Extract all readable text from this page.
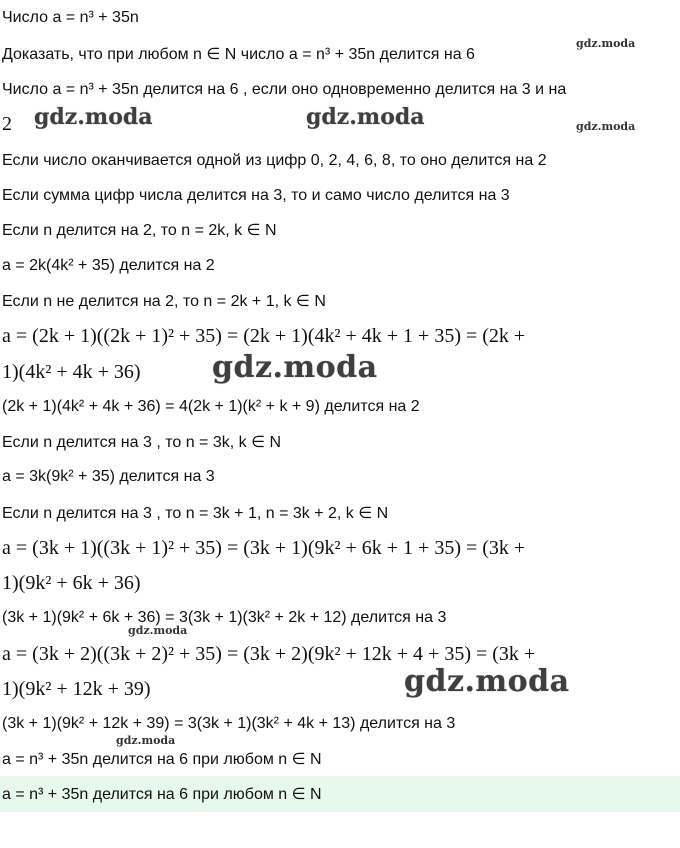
Число a = n³ + 35n
Доказать, что при любом n ∈ N число a = n³ + 35n делится на 6
Число a = n³ + 35n делится на 6 , если оно одновременно делится на 3 и на
2
Если число оканчивается одной из цифр 0, 2, 4, 6, 8, то оно делится на 2
Если сумма цифр числа делится на 3, то и само число делится на 3
Если n делится на 2, то n = 2k, k ∈ N
a = 2k(4k² + 35) делится на 2
Если n не делится на 2, то n = 2k + 1, k ∈ N
a = (2k + 1)((2k + 1)² + 35) = (2k + 1)(4k² + 4k + 1 + 35) = (2k +
1)(4k² + 4k + 36)
(2k + 1)(4k² + 4k + 36) = 4(2k + 1)(k² + k + 9) делится на 2
Если n делится на 3 , то n = 3k, k ∈ N
a = 3k(9k² + 35) делится на 3
Если n делится на 3 , то n = 3k + 1, n = 3k + 2, k ∈ N
a = (3k + 1)((3k + 1)² + 35) = (3k + 1)(9k² + 6k + 1 + 35) = (3k +
1)(9k² + 6k + 36)
(3k + 1)(9k² + 6k + 36) = 3(3k + 1)(3k² + 2k + 12) делится на 3
a = (3k + 2)((3k + 2)² + 35) = (3k + 2)(9k² + 12k + 4 + 35) = (3k +
1)(9k² + 12k + 39)
(3k + 1)(9k² + 12k + 39) = 3(3k + 1)(3k² + 4k + 13) делится на 3
a = n³ + 35n делится на 6 при любом n ∈ N
a = n³ + 35n делится на 6 при любом n ∈ N
gdz.moda
gdz.moda	gdz.moda	gdz.moda
gdz.moda
gdz.moda
gdz.moda
gdz.moda
